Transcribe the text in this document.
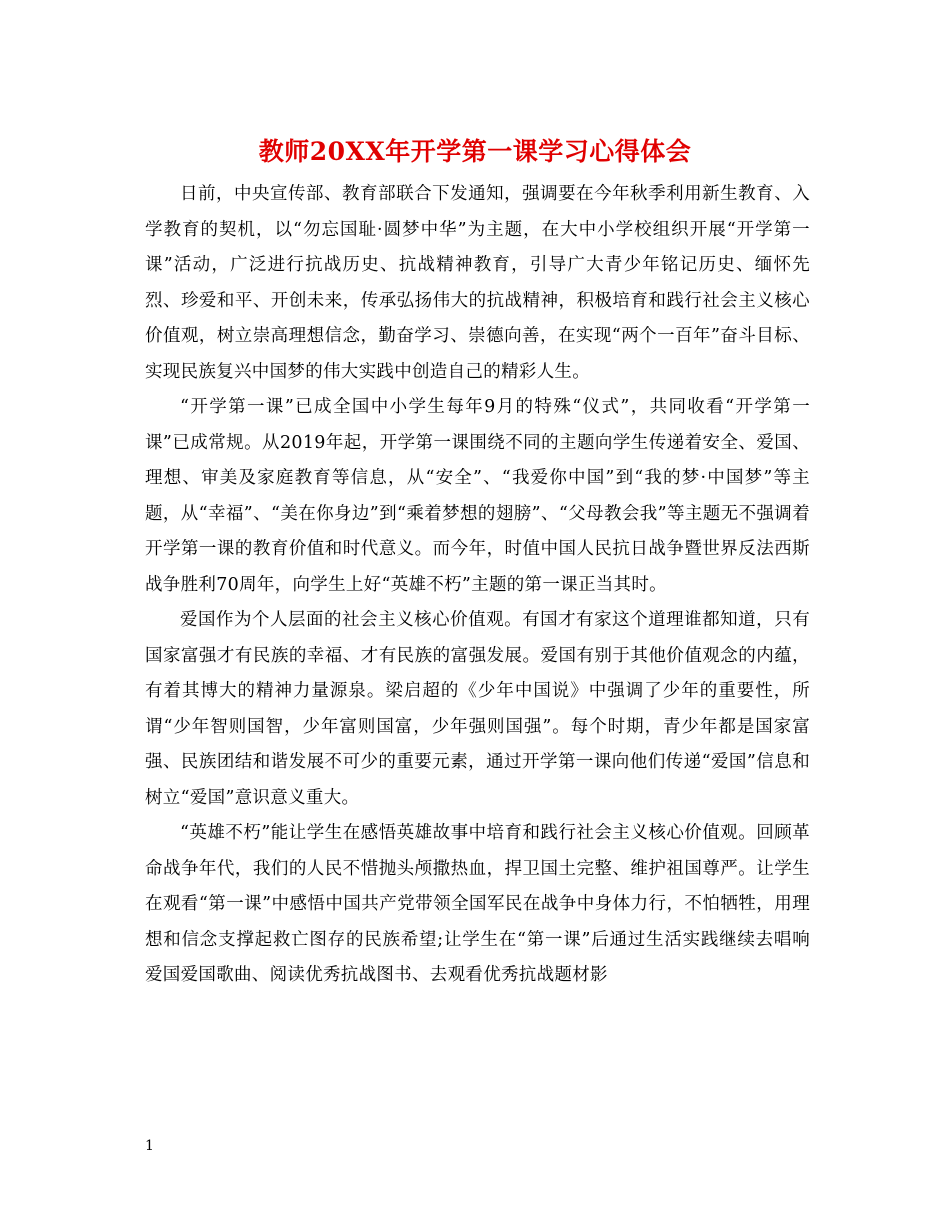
教师20XX年开学第一课学习心得体会

日前，中央宣传部、教育部联合下发通知，强调要在今年秋季利用新生教育、入学教育的契机，以“勿忘国耻·圆梦中华”为主题，在大中小学校组织开展“开学第一课”活动，广泛进行抗战历史、抗战精神教育，引导广大青少年铭记历史、缅怀先烈、珍爱和平、开创未来，传承弘扬伟大的抗战精神，积极培育和践行社会主义核心价值观，树立崇高理想信念，勤奋学习、崇德向善，在实现“两个一百年”奋斗目标、实现民族复兴中国梦的伟大实践中创造自己的精彩人生。

“开学第一课”已成全国中小学生每年9月的特殊“仪式”，共同收看“开学第一课”已成常规。从2019年起，开学第一课围绕不同的主题向学生传递着安全、爱国、理想、审美及家庭教育等信息，从“安全”、“我爱你中国”到“我的梦·中国梦”等主题，从“幸福”、“美在你身边”到“乘着梦想的翅膀”、“父母教会我”等主题无不强调着开学第一课的教育价值和时代意义。而今年，时值中国人民抗日战争暨世界反法西斯战争胜利70周年，向学生上好“英雄不朽”主题的第一课正当其时。

爱国作为个人层面的社会主义核心价值观。有国才有家这个道理谁都知道，只有国家富强才有民族的幸福、才有民族的富强发展。爱国有别于其他价值观念的内蕴，有着其博大的精神力量源泉。梁启超的《少年中国说》中强调了少年的重要性，所谓“少年智则国智，少年富则国富，少年强则国强”。每个时期，青少年都是国家富强、民族团结和谐发展不可少的重要元素，通过开学第一课向他们传递“爱国”信息和树立“爱国”意识意义重大。

“英雄不朽”能让学生在感悟英雄故事中培育和践行社会主义核心价值观。回顾革命战争年代，我们的人民不惜抛头颅撒热血，捍卫国土完整、维护祖国尊严。让学生在观看“第一课”中感悟中国共产党带领全国军民在战争中身体力行，不怕牺牲，用理想和信念支撑起救亡图存的民族希望;让学生在“第一课”后通过生活实践继续去唱响爱国爱国歌曲、阅读优秀抗战图书、去观看优秀抗战题材影

1
